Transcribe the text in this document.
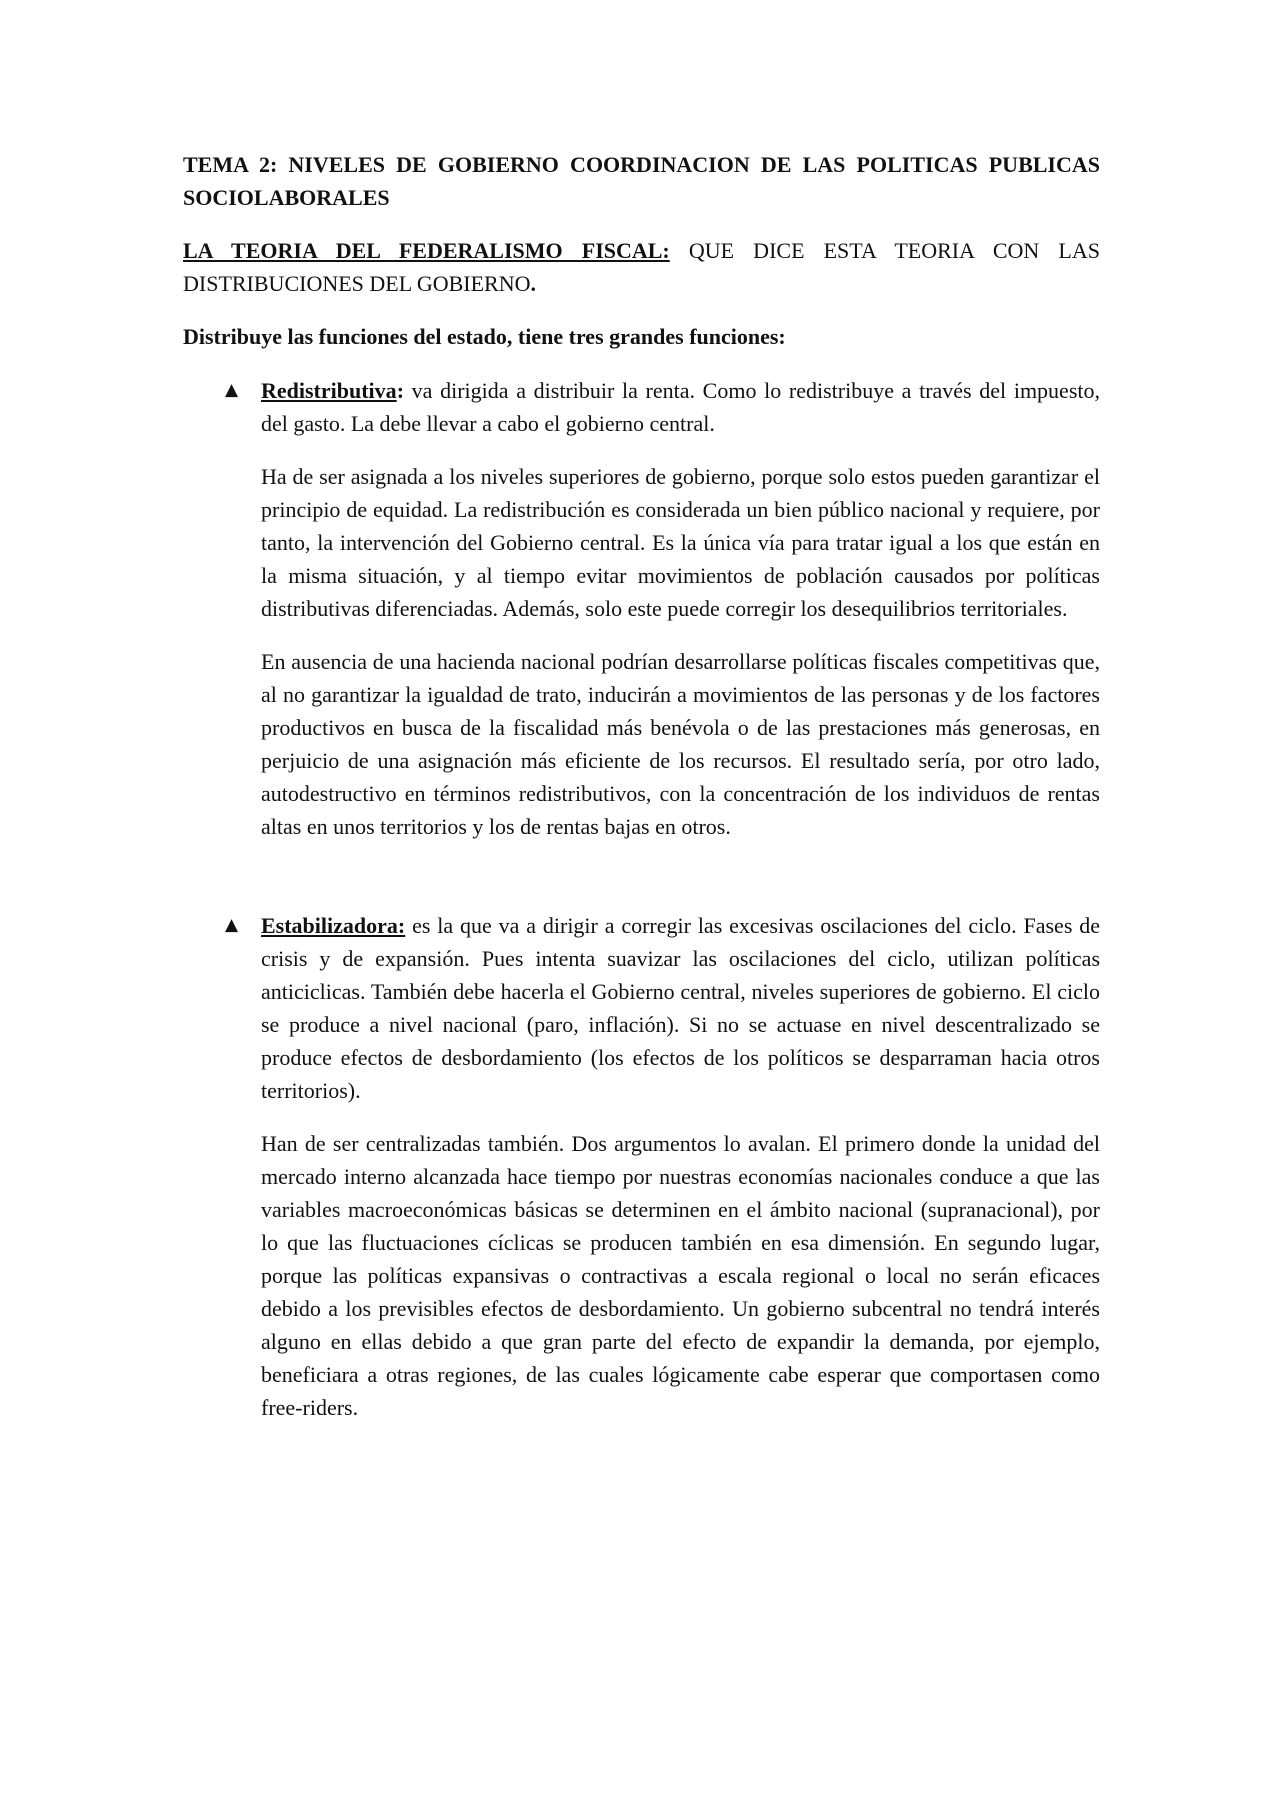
TEMA 2: NIVELES DE GOBIERNO COORDINACION DE LAS POLITICAS PUBLICAS SOCIOLABORALES

LA TEORIA DEL FEDERALISMO FISCAL: QUE DICE ESTA TEORIA CON LAS DISTRIBUCIONES DEL GOBIERNO.

Distribuye las funciones del estado, tiene tres grandes funciones:

▲ Redistributiva: va dirigida a distribuir la renta. Como lo redistribuye a través del impuesto, del gasto. La debe llevar a cabo el gobierno central.

Ha de ser asignada a los niveles superiores de gobierno, porque solo estos pueden garantizar el principio de equidad. La redistribución es considerada un bien público nacional y requiere, por tanto, la intervención del Gobierno central. Es la única vía para tratar igual a los que están en la misma situación, y al tiempo evitar movimientos de población causados por políticas distributivas diferenciadas. Además, solo este puede corregir los desequilibrios territoriales.

En ausencia de una hacienda nacional podrían desarrollarse políticas fiscales competitivas que, al no garantizar la igualdad de trato, inducirán a movimientos de las personas y de los factores productivos en busca de la fiscalidad más benévola o de las prestaciones más generosas, en perjuicio de una asignación más eficiente de los recursos. El resultado sería, por otro lado, autodestructivo en términos redistributivos, con la concentración de los individuos de rentas altas en unos territorios y los de rentas bajas en otros.

▲ Estabilizadora: es la que va a dirigir a corregir las excesivas oscilaciones del ciclo. Fases de crisis y de expansión. Pues intenta suavizar las oscilaciones del ciclo, utilizan políticas anticiclicas. También debe hacerla el Gobierno central, niveles superiores de gobierno. El ciclo se produce a nivel nacional (paro, inflación). Si no se actuase en nivel descentralizado se produce efectos de desbordamiento (los efectos de los políticos se desparraman hacia otros territorios).

Han de ser centralizadas también. Dos argumentos lo avalan. El primero donde la unidad del mercado interno alcanzada hace tiempo por nuestras economías nacionales conduce a que las variables macroeconómicas básicas se determinen en el ámbito nacional (supranacional), por lo que las fluctuaciones cíclicas se producen también en esa dimensión. En segundo lugar, porque las políticas expansivas o contractivas a escala regional o local no serán eficaces debido a los previsibles efectos de desbordamiento. Un gobierno subcentral no tendrá interés alguno en ellas debido a que gran parte del efecto de expandir la demanda, por ejemplo, beneficiara a otras regiones, de las cuales lógicamente cabe esperar que comportasen como free-riders.
